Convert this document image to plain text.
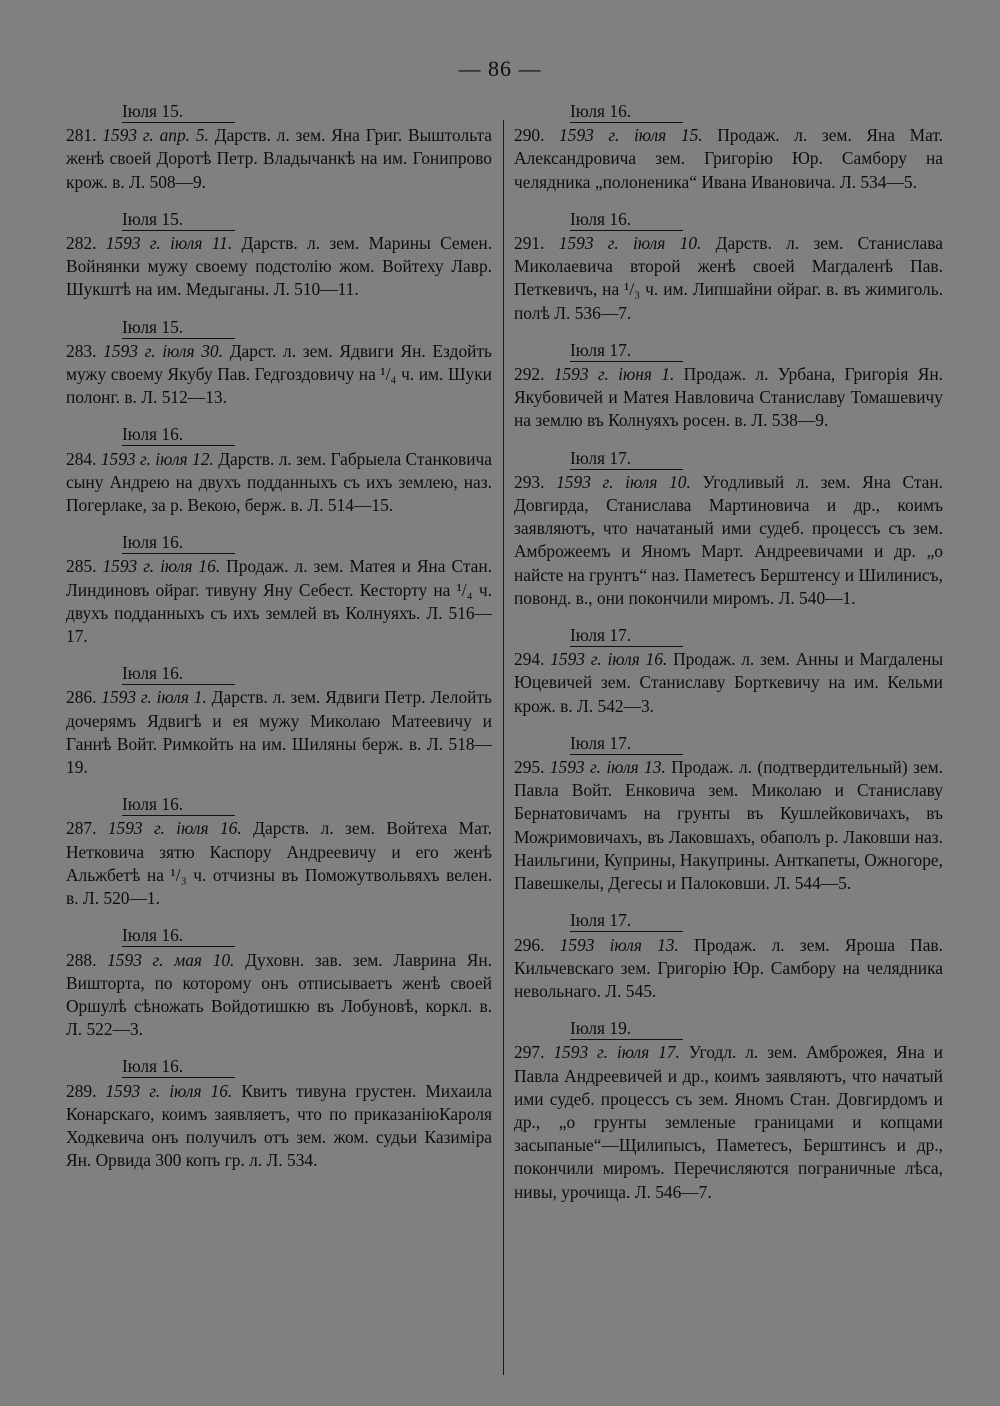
— 86 —
Іюля 15.
281. 1593 г. апр. 5. Дарств. л. зем. Яна Григ. Выштольта женѣ своей Доротѣ Петр. Владычанкѣ на им. Гонипрово крож. в. Л. 508—9.
Іюля 15.
282. 1593 г. іюля 11. Дарств. л. зем. Марины Семен. Войнянки мужу своему подстолію жом. Войтеху Лавр. Шукштѣ на им. Медыганы. Л. 510—11.
Іюля 15.
283. 1593 г. іюля 30. Дарст. л. зем. Ядвиги Ян. Ездойть мужу своему Якубу Пав. Гедгоздовичу на ¹/₄ ч. им. Шуки полонг. в. Л. 512—13.
Іюля 16.
284. 1593 г. іюля 12. Дарств. л. зем. Габрыела Станковича сыну Андрею на двухъ подданныхъ съ ихъ землею, наз. Погерлаке, за р. Векою, берж. в. Л. 514—15.
Іюля 16.
285. 1593 г. іюля 16. Продаж. л. зем. Матея и Яна Стан. Линдиновъ ойраг. тивуну Яну Себест. Кесторту на ¹/₄ ч. двухъ подданныхъ съ ихъ землей въ Колнуяхъ. Л. 516—17.
Іюля 16.
286. 1593 г. іюля 1. Дарств. л. зем. Ядвиги Петр. Лелойть дочерямъ Ядвигѣ и ея мужу Миколаю Матеевичу и Ганнѣ Войт. Римкойть на им. Шиляны берж. в. Л. 518—19.
Іюля 16.
287. 1593 г. іюля 16. Дарств. л. зем. Войтеха Мат. Нетковича зятю Каспору Андреевичу и его женѣ Альжбетѣ на ¹/₃ ч. отчизны въ Поможутвольвяхъ велен. в. Л. 520—1.
Іюля 16.
288. 1593 г. мая 10. Духовн. зав. зем. Лаврина Ян. Вишторта, по которому онъ отписываетъ женѣ своей Оршулѣ сѣножать Войдотишкю въ Лобуновѣ, коркл. в. Л. 522—3.
Іюля 16.
289. 1593 г. іюля 16. Квитъ тивуна грустен. Михаила Конарскаго, коимъ заявляетъ, что по приказаніюКароля Ходкевича онъ получилъ отъ зем. жом. судьи Казиміра Ян. Орвида 300 копъ гр. л. Л. 534.
Іюля 16.
290. 1593 г. іюля 15. Продаж. л. зем. Яна Мат. Александровича зем. Григорію Юр. Самбору на челядника „полоненика“ Ивана Ивановича. Л. 534—5.
Іюля 16.
291. 1593 г. іюля 10. Дарств. л. зем. Станислава Миколаевича второй женѣ своей Магдаленѣ Пав. Петкевичъ, на ¹/₃ ч. им. Липшайни ойраг. в. въ жимиголь. полѣ Л. 536—7.
Іюля 17.
292. 1593 г. іюня 1. Продаж. л. Урбана, Григорія Ян. Якубовичей и Матея Навловича Станиславу Томашевичу на землю въ Колнуяхъ росен. в. Л. 538—9.
Іюля 17.
293. 1593 г. іюля 10. Угодливый л. зем. Яна Стан. Довгирда, Станислава Мартиновича и др., коимъ заявляютъ, что начатаный ими судеб. процессъ съ зем. Амброжеемъ и Яномъ Март. Андреевичами и др. „о найсте на грунтъ“ наз. Паметесъ Берштенсу и Шилинисъ, повонд. в., они покончили миромъ. Л. 540—1.
Іюля 17.
294. 1593 г. іюля 16. Продаж. л. зем. Анны и Магдалены Юцевичей зем. Станиславу Борткевичу на им. Кельми крож. в. Л. 542—3.
Іюля 17.
295. 1593 г. іюля 13. Продаж. л. (подтвердительный) зем. Павла Войт. Енковича зем. Миколаю и Станиславу Бернатовичамъ на грунты въ Кушлейковичахъ, въ Можримовичахъ, въ Лаковшахъ, обаполъ р. Лаковши наз. Наильгини, Куприны, Накуприны. Анткапеты, Ожногоре, Павешкелы, Дегесы и Палоковши. Л. 544—5.
Іюля 17.
296. 1593 іюля 13. Продаж. л. зем. Яроша Пав. Кильчевскаго зем. Григорію Юр. Самбору на челядника невольнаго. Л. 545.
Іюля 19.
297. 1593 г. іюля 17. Угодл. л. зем. Амброжея, Яна и Павла Андреевичей и др., коимъ заявляютъ, что начатый ими судеб. процессъ съ зем. Яномъ Стан. Довгирдомъ и др., „о грунты земленые границами и копцами засыпаные“—Щилипысъ, Паметесъ, Берштинсъ и др., покончили миромъ. Перечисляются пограничные лѣса, нивы, урочища. Л. 546—7.
